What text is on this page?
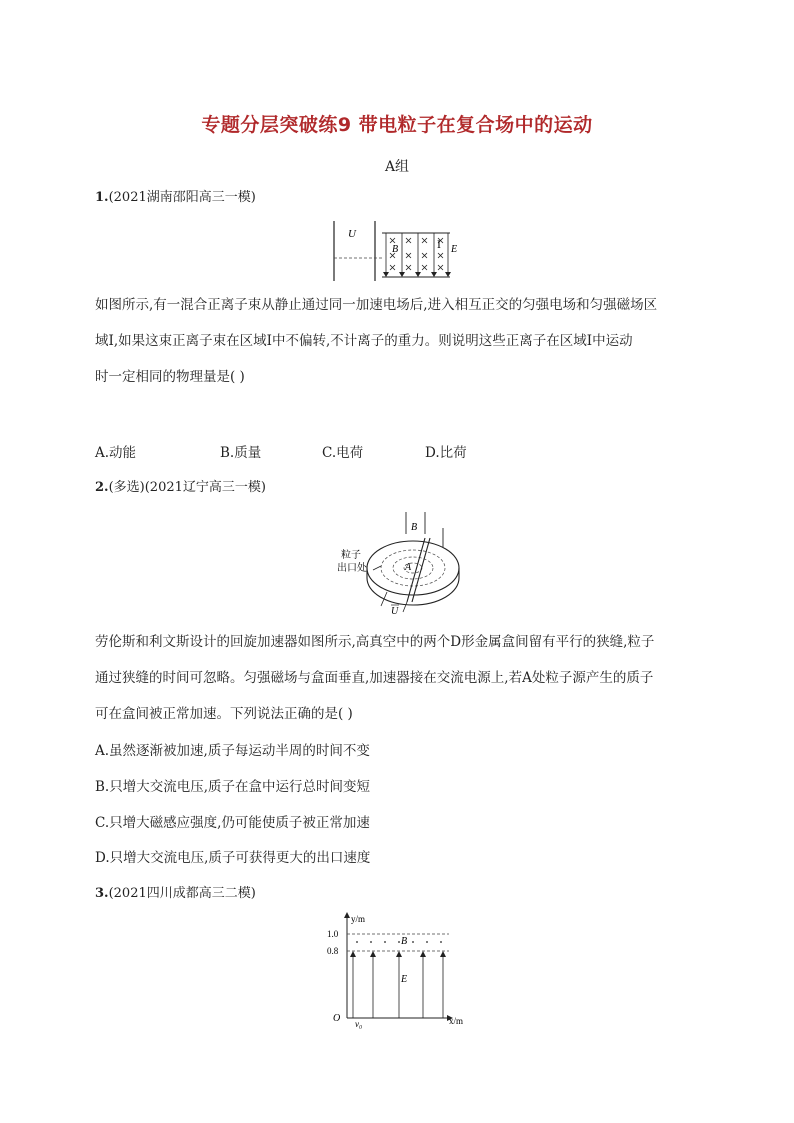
专题分层突破练9 带电粒子在复合场中的运动
A组
1.(2021湖南邵阳高三一模)
U
B	Ⅰ E
如图所示,有一混合正离子束从静止通过同一加速电场后,进入相互正交的匀强电场和匀强磁场区
域Ⅰ,如果这束正离子束在区域Ⅰ中不偏转,不计离子的重力。则说明这些正离子在区域Ⅰ中运动
时一定相同的物理量是( )
A.动能	B.质量	C.电荷	D.比荷
2.(多选)(2021辽宁高三一模)
B
A
粒子
出口处
U
劳伦斯和利文斯设计的回旋加速器如图所示,高真空中的两个D形金属盒间留有平行的狭缝,粒子
通过狭缝的时间可忽略。匀强磁场与盒面垂直,加速器接在交流电源上,若A处粒子源产生的质子
可在盒间被正常加速。下列说法正确的是( )
A.虽然逐渐被加速,质子每运动半周的时间不变
B.只增大交流电压,质子在盒中运行总时间变短
C.只增大磁感应强度,仍可能使质子被正常加速
D.只增大交流电压,质子可获得更大的出口速度
3.(2021四川成都高三二模)
y/m
x/m
O
1.0
0.8
B
E
v₀
